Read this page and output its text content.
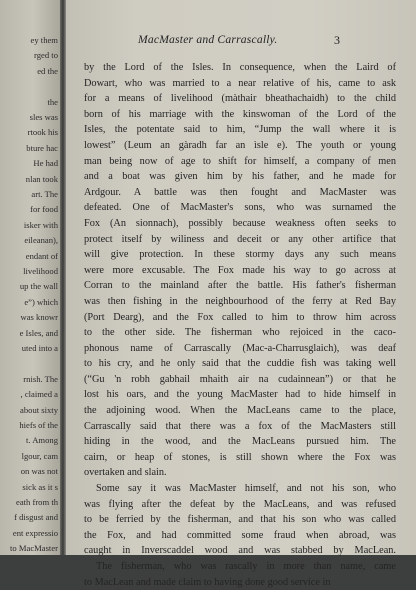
ey them
rged to
ed the
the
sles was
rtook his
bture hac
He had
nlan took
art. The
for food
isker with
eileanan),
endant of
livelihood
up the wall
e”) which
was knowr
e Isles, and
uted into a
rnish. The
, claimed a
about sixty
hiefs of the
t. Among
lgour, cam
on was not
sick as it s
eath from th
f disgust and
ent expressio
to MacMaster
MacMaster and Carrascally.	3
by the Lord of the Isles. In consequence, when the Laird of
Dowart, who was married to a near relative of his, came to ask
for a means of livelihood (màthair bheathachaidh) to the child
born of his marriage with the kinswoman of the Lord of the
Isles, the potentate said to him, “Jump the wall where it is
lowest” (Leum an gàradh far an ìsle e). The youth or young
man being now of age to shift for himself, a company of men
and a boat was given him by his father, and he made for
Ardgour. A battle was then fought and MacMaster was
defeated. One of MacMaster's sons, who was surnamed the
Fox (An sionnach), possibly because weakness often seeks to
protect itself by wiliness and deceit or any other artifice that
will give protection. In these stormy days any such means
were more excusable. The Fox made his way to go across at
Corran to the mainland after the battle. His father's fisherman
was then fishing in the neighbourhood of the ferry at Red Bay
(Port Dearg), and the Fox called to him to throw him across
to the other side. The fisherman who rejoiced in the caco-
phonous name of Carrascally (Mac-a-Charrusglaich), was deaf
to his cry, and he only said that the cuddie fish was taking well
(“Gu 'n robh gabhail mhaith air na cudainnean”) or that he
lost his oars, and the young MacMaster had to hide himself in
the adjoining wood. When the MacLeans came to the place,
Carrascally said that there was a fox of the MacMasters still
hiding in the wood, and the MacLeans pursued him. The
cairn, or heap of stones, is still shown where the Fox was
overtaken and slain.
Some say it was MacMaster himself, and not his son, who
was flying after the defeat by the MacLeans, and was refused
to be ferried by the fisherman, and that his son who was called
the Fox, and had committed some fraud when abroad, was
caught in Inverscaddel wood and was stabbed by MacLean.
The fisherman, who was rascally in more than name, came
to MacLean and made claim to having done good service in
